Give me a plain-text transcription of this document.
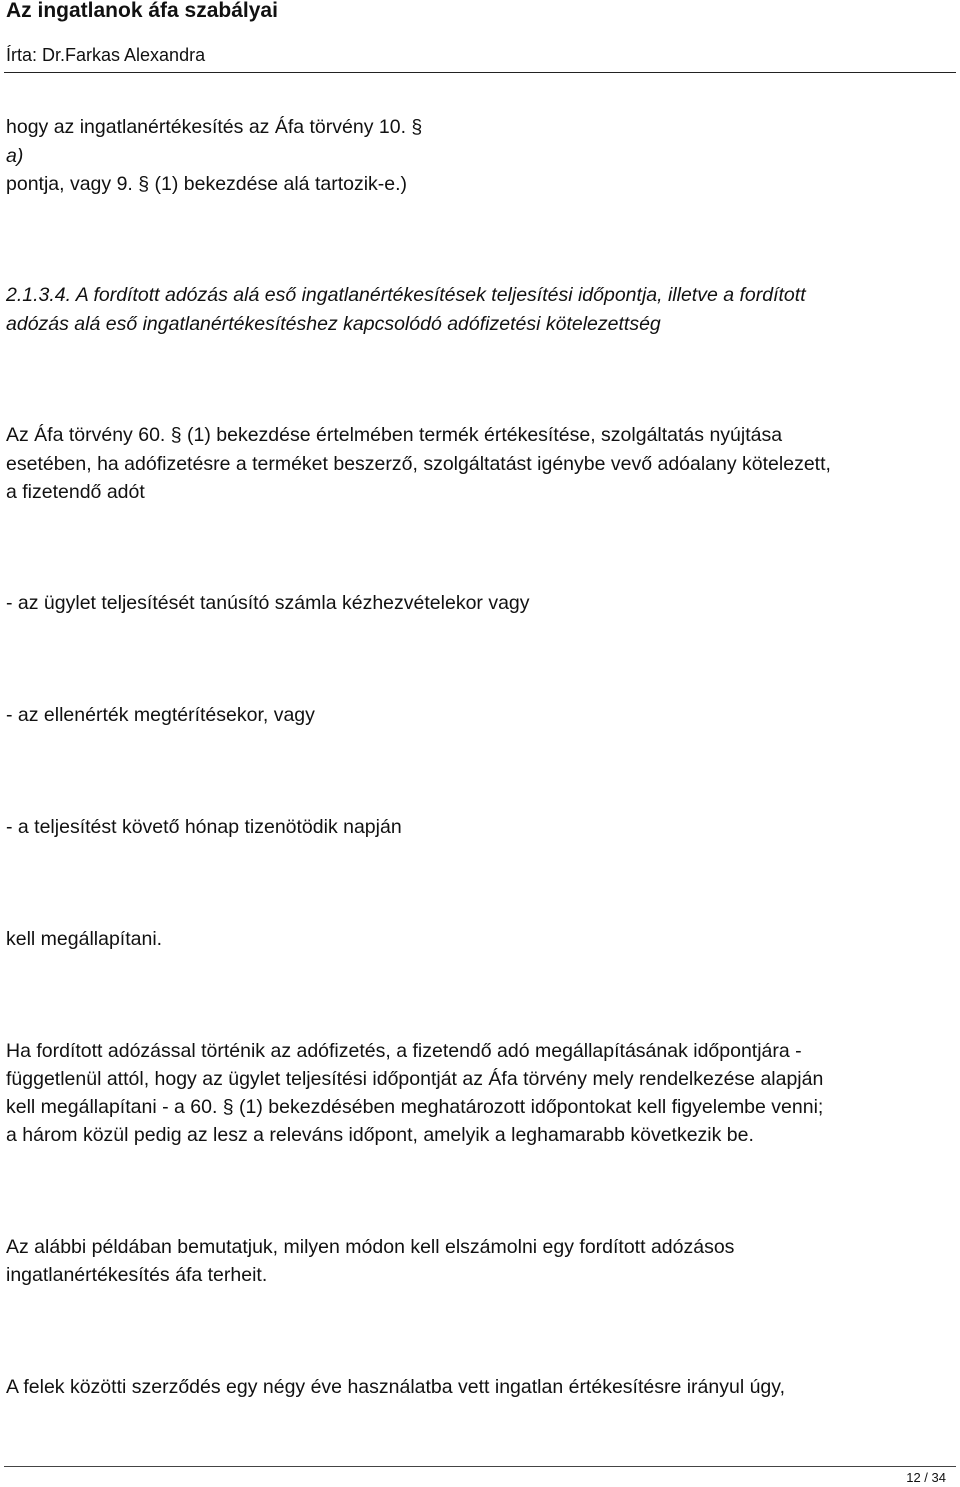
Az ingatlanok áfa szabályai
Írta: Dr.Farkas Alexandra
hogy az ingatlanértékesítés az Áfa törvény 10. §
a)
pontja, vagy 9. § (1) bekezdése alá tartozik-e.)
2.1.3.4. A fordított adózás alá eső ingatlanértékesítések teljesítési időpontja, illetve a fordított
adózás alá eső ingatlanértékesítéshez kapcsolódó adófizetési kötelezettség
Az Áfa törvény 60. § (1) bekezdése értelmében termék értékesítése, szolgáltatás nyújtása
esetében, ha adófizetésre a terméket beszerző, szolgáltatást igénybe vevő adóalany kötelezett,
a fizetendő adót
- az ügylet teljesítését tanúsító számla kézhezvételekor vagy
- az ellenérték megtérítésekor, vagy
- a teljesítést követő hónap tizenötödik napján
kell megállapítani.
Ha fordított adózással történik az adófizetés, a fizetendő adó megállapításának időpontjára -
függetlenül attól, hogy az ügylet teljesítési időpontját az Áfa törvény mely rendelkezése alapján
kell megállapítani - a 60. § (1) bekezdésében meghatározott időpontokat kell figyelembe venni;
a három közül pedig az lesz a releváns időpont, amelyik a leghamarabb következik be.
Az alábbi példában bemutatjuk, milyen módon kell elszámolni egy fordított adózásos
ingatlanértékesítés áfa terheit.
A felek közötti szerződés egy négy éve használatba vett ingatlan értékesítésre irányul úgy,
12 / 34
